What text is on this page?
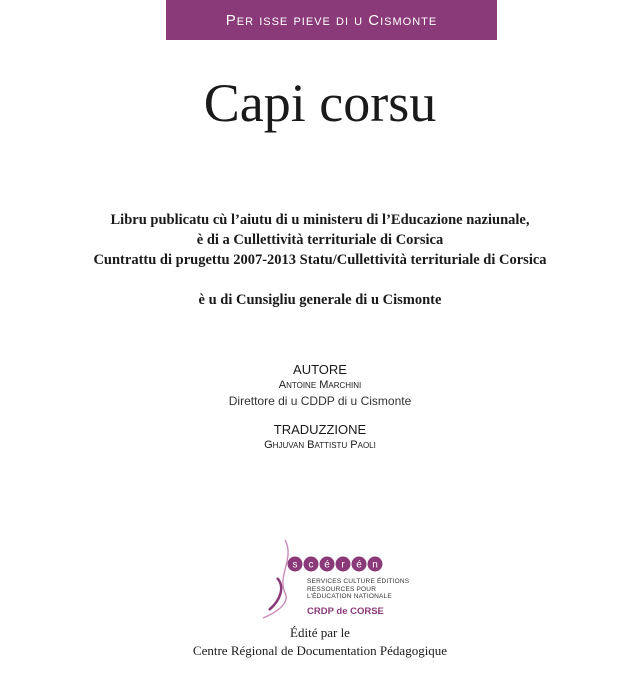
Per isse pieve di u Cismonte
Capi corsu
Libru publicatu cù l’aiutu di u ministeru di l’Educazione naziunale,
è di a Cullettività territuriale di Corsica
Cuntrattu di prugettu 2007-2013 Statu/Cullettività territuriale di Corsica
è u di Cunsigliu generale di u Cismonte
AUTORE
Antoine Marchini
Direttore di u CDDP di u Cismonte
TRADUZZIONE
Ghjuvan Battistu Paoli
s c é r é n
SERVICES CULTURE ÉDITIONS
RESSOURCES POUR
L’ÉDUCATION NATIONALE
CRDP de CORSE
Édité par le
Centre Régional de Documentation Pédagogique
